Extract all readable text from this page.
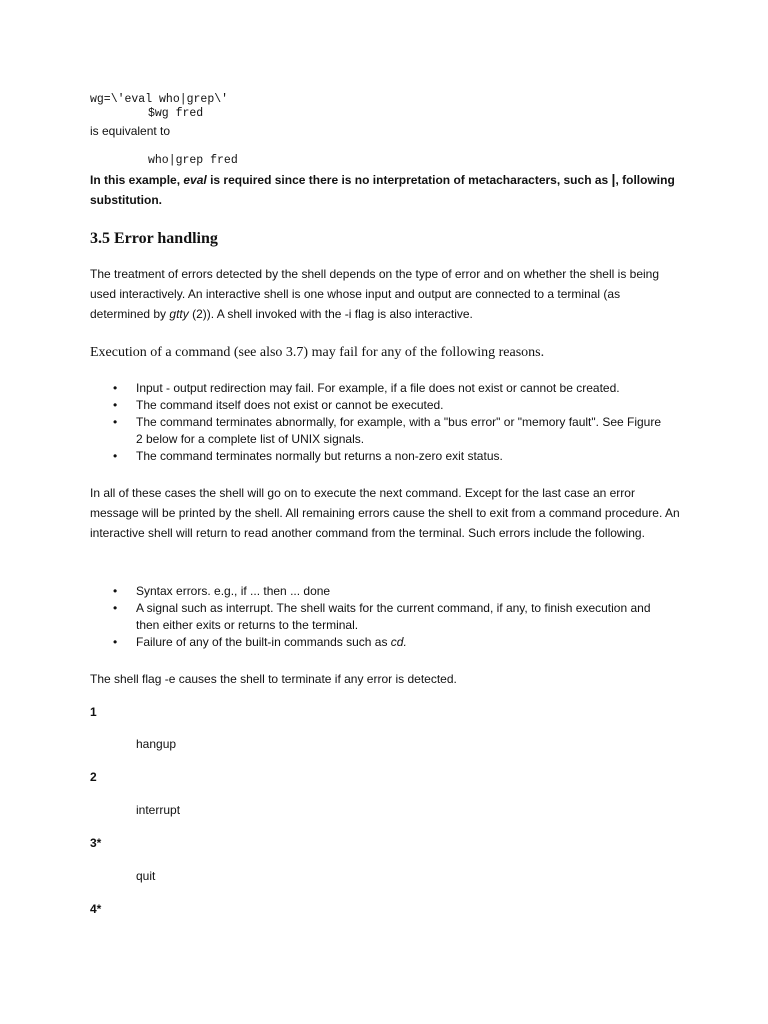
wg=\'eval who|grep\'
$wg fred
is equivalent to
who|grep fred
In this example, eval is required since there is no interpretation of metacharacters, such as |, following substitution.
3.5 Error handling
The treatment of errors detected by the shell depends on the type of error and on whether the shell is being used interactively. An interactive shell is one whose input and output are connected to a terminal (as determined by gtty (2)). A shell invoked with the -i flag is also interactive.
Execution of a command (see also 3.7) may fail for any of the following reasons.
• Input - output redirection may fail. For example, if a file does not exist or cannot be created.
• The command itself does not exist or cannot be executed.
• The command terminates abnormally, for example, with a "bus error" or "memory fault". See Figure 2 below for a complete list of UNIX signals.
• The command terminates normally but returns a non-zero exit status.
In all of these cases the shell will go on to execute the next command. Except for the last case an error message will be printed by the shell. All remaining errors cause the shell to exit from a command procedure. An interactive shell will return to read another command from the terminal. Such errors include the following.
• Syntax errors. e.g., if ... then ... done
• A signal such as interrupt. The shell waits for the current command, if any, to finish execution and then either exits or returns to the terminal.
• Failure of any of the built-in commands such as cd.
The shell flag -e causes the shell to terminate if any error is detected.
1
hangup
2
interrupt
3*
quit
4*
